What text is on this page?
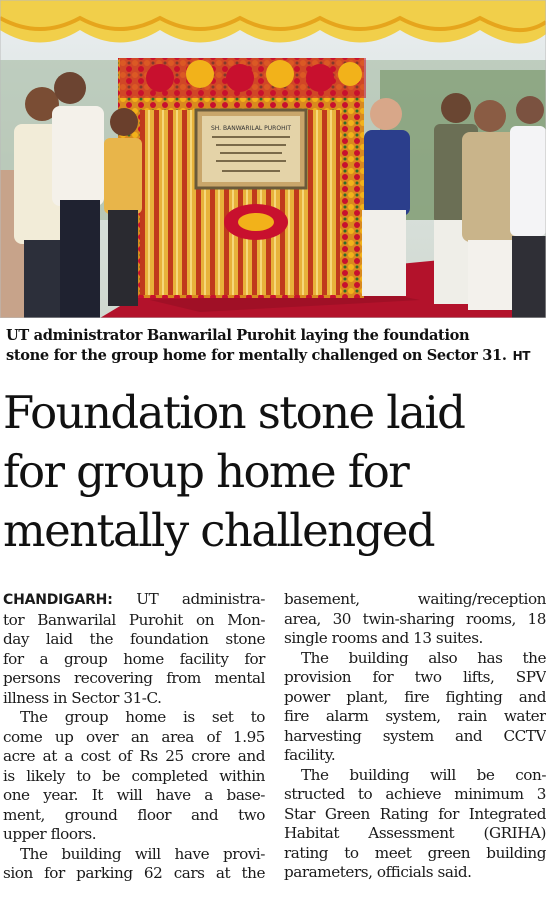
SH. BANWARILAL PUROHIT
UT administrator Banwarilal Purohit laying the foundation
stone for the group home for mentally challenged on Sector 31. HT
Foundation stone laid
for group home for
mentally challenged
CHANDIGARH: UT administra-
tor Banwarilal Purohit on Mon-
day laid the foundation stone
for a group home facility for
persons recovering from mental
illness in Sector 31-C.
The group home is set to
come up over an area of 1.95
acre at a cost of Rs 25 crore and
is likely to be completed within
one year. It will have a base-
ment, ground floor and two
upper floors.
The building will have provi-
sion for parking 62 cars at the
basement, waiting/reception
area, 30 twin-sharing rooms, 18
single rooms and 13 suites.
The building also has the
provision for two lifts, SPV
power plant, fire fighting and
fire alarm system, rain water
harvesting system and CCTV
facility.
The building will be con-
structed to achieve minimum 3
Star Green Rating for Integrated
Habitat Assessment (GRIHA)
rating to meet green building
parameters, officials said.
